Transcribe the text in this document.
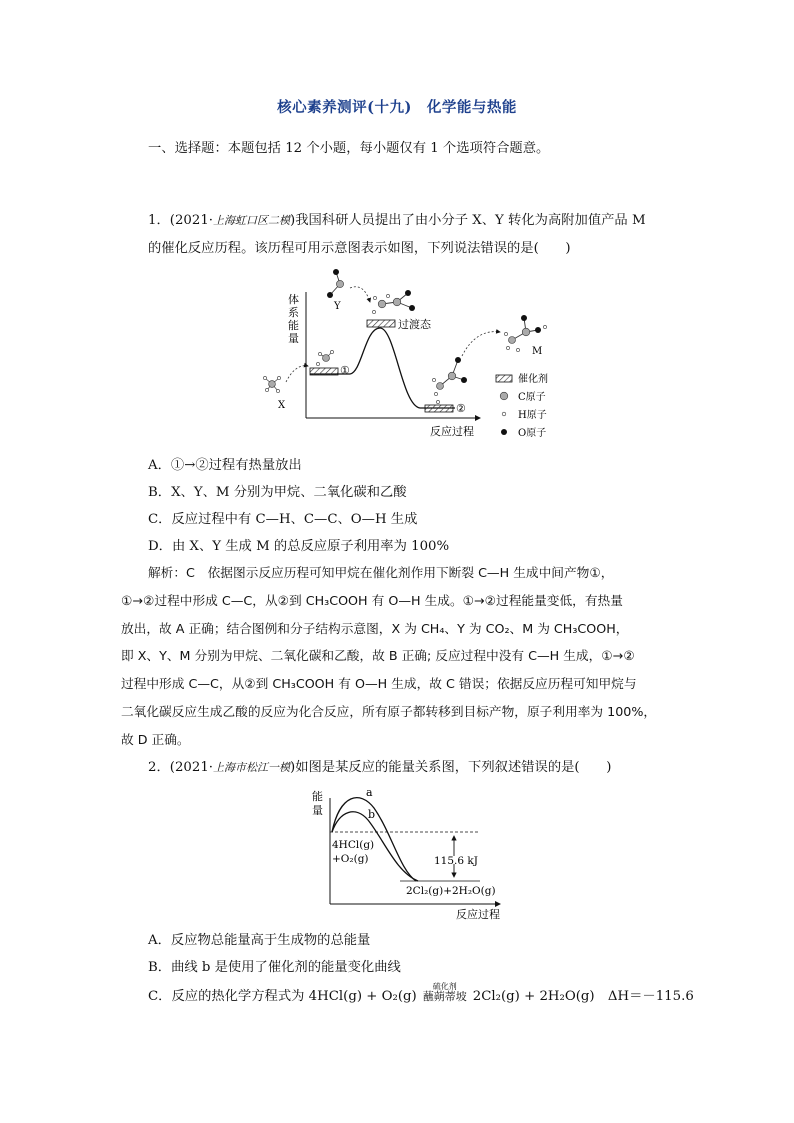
核心素养测评(十九)　化学能与热能
一、选择题：本题包括 12 个小题，每小题仅有 1 个选项符合题意。
1．(2021·上海虹口区二模)我国科研人员提出了由小分子 X、Y 转化为高附加值产品 M
的催化反应历程。该历程可用示意图表示如图，下列说法错误的是(　　)
体
系
能
量
反应过程
①
②
过渡态
X
Y
M
催化剂
C原子
H原子
O原子
A．①→②过程有热量放出
B．X、Y、M 分别为甲烷、二氧化碳和乙酸
C．反应过程中有 C—H、C—C、O—H 生成
D．由 X、Y 生成 M 的总反应原子利用率为 100%
解析：C　依据图示反应历程可知甲烷在催化剂作用下断裂 C—H 生成中间产物①，
①→②过程中形成 C—C，从②到 CH₃COOH 有 O—H 生成。①→②过程能量变低，有热量
放出，故 A 正确；结合图例和分子结构示意图，X 为 CH₄、Y 为 CO₂、M 为 CH₃COOH，
即 X、Y、M 分别为甲烷、二氧化碳和乙酸，故 B 正确; 反应过程中没有 C—H 生成，①→②
过程中形成 C—C，从②到 CH₃COOH 有 O—H 生成，故 C 错误；依据反应历程可知甲烷与
二氧化碳反应生成乙酸的反应为化合反应，所有原子都转移到目标产物，原子利用率为 100%，
故 D 正确。
2．(2021·上海市松江一模)如图是某反应的能量关系图，下列叙述错误的是(　　)
能
量
反应过程
a
b
4HCl(g)
+O₂(g)	115.6 kJ
2Cl₂(g)+2H₂O(g)
A．反应物总能量高于生成物的总能量
B．曲线 b 是使用了催化剂的能量变化曲线
C．反应的热化学方程式为 4HCl(g) + O₂(g)
硫化剂
蘸蒴蒂坡 2Cl₂(g) + 2H₂O(g)　ΔH＝－115.6
